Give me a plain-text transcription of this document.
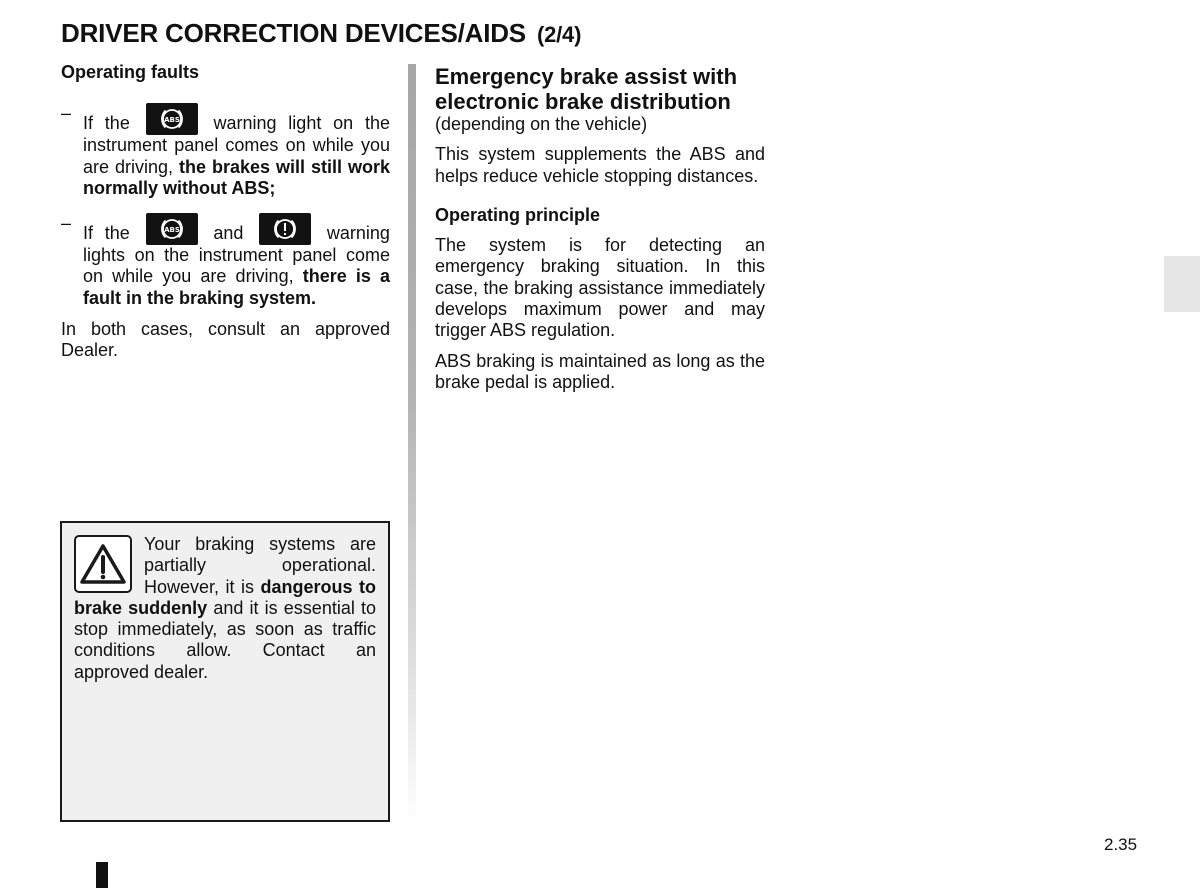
DRIVER CORRECTION DEVICES/AIDS (2/4)
Operating faults
– If the	ABS warning light on the instrument panel comes on while you are driving, the brakes will still work normally without ABS;
– If the	ABS and	warning lights on the instrument panel come on while you are driving, there is a fault in the braking system.
In both cases, consult an approved Dealer.
Your braking systems are partially operational. However, it is dangerous to brake suddenly and it is essential to stop immediately, as soon as traffic conditions allow. Contact an approved dealer.
Emergency brake assist with electronic brake distribution
(depending on the vehicle)

This system supplements the ABS and helps reduce vehicle stopping distances.

Operating principle

The system is for detecting an emergency braking situation. In this case, the braking assistance immediately develops maximum power and may trigger ABS regulation.

ABS braking is maintained as long as the brake pedal is applied.

2.35
